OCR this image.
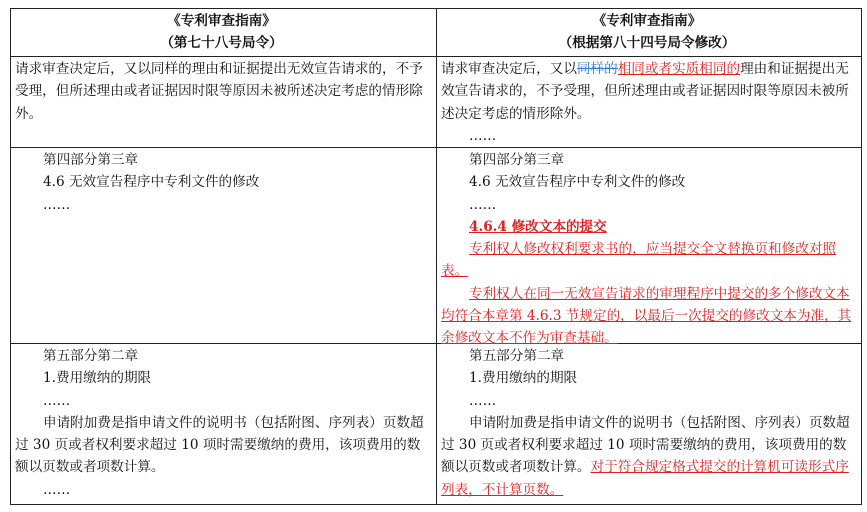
《专利审查指南》
（第七十八号局令）
《专利审查指南》
（根据第八十四号局令修改）
请求审查决定后，又以同样的理由和证据提出无效宣告请求的，不予受理，但所述理由或者证据因时限等原因未被所述决定考虑的情形除外。
请求审查决定后，又以同样的相同或者实质相同的理由和证据提出无效宣告请求的，不予受理，但所述理由或者证据因时限等原因未被所述决定考虑的情形除外。
……
第四部分第三章
4.6 无效宣告程序中专利文件的修改
……
第四部分第三章
4.6 无效宣告程序中专利文件的修改
……
4.6.4 修改文本的提交
专利权人修改权利要求书的，应当提交全文替换页和修改对照表。
专利权人在同一无效宣告请求的审理程序中提交的多个修改文本均符合本章第 4.6.3 节规定的，以最后一次提交的修改文本为准，其余修改文本不作为审查基础。
第五部分第二章
1.费用缴纳的期限
……
申请附加费是指申请文件的说明书（包括附图、序列表）页数超过 30 页或者权利要求超过 10 项时需要缴纳的费用，该项费用的数额以页数或者项数计算。
……
第五部分第二章
1.费用缴纳的期限
……
申请附加费是指申请文件的说明书（包括附图、序列表）页数超过 30 页或者权利要求超过 10 项时需要缴纳的费用，该项费用的数额以页数或者项数计算。对于符合规定格式提交的计算机可读形式序列表，不计算页数。
